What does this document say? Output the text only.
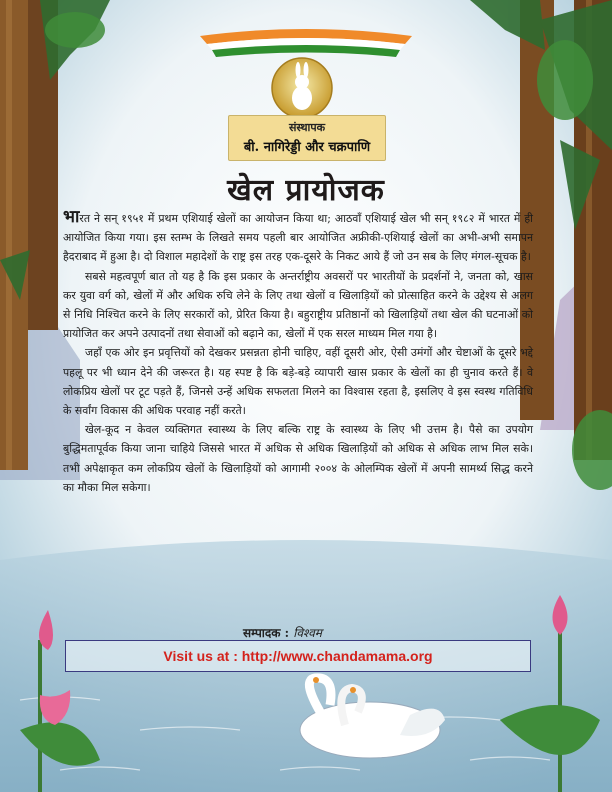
संस्थापक
बी. नागिरेड्डी और चक्रपाणि
खेल प्रायोजक

भारत ने सन् १९५१ में प्रथम एशियाई खेलों का आयोजन किया था; आठवाँ एशियाई खेल भी सन् १९८२ में भारत में ही आयोजित किया गया। इस स्तम्भ के लिखते समय पहली बार आयोजित अफ्रीकी-एशियाई खेलों का अभी-अभी समापन हैदराबाद में हुआ है। दो विशाल महादेशों के राष्ट्र इस तरह एक-दूसरे के निकट आये हैं जो उन सब के लिए मंगल-सूचक है।

सबसे महत्वपूर्ण बात तो यह है कि इस प्रकार के अन्तर्राष्ट्रीय अवसरों पर भारतीयों के प्रदर्शनों ने, जनता को, खास कर युवा वर्ग को, खेलों में और अधिक रुचि लेने के लिए तथा खेलों व खिलाड़ियों को प्रोत्साहित करने के उद्देश्य से अलग से निधि निश्चित करने के लिए सरकारों को, प्रेरित किया है। बहुराष्ट्रीय प्रतिष्ठानों को खिलाड़ियों तथा खेल की घटनाओं को प्रायोजित कर अपने उत्पादनों तथा सेवाओं को बढ़ाने का, खेलों में एक सरल माध्यम मिल गया है।

जहाँ एक ओर इन प्रवृत्तियों को देखकर प्रसन्नता होनी चाहिए, वहीं दूसरी ओर, ऐसी उमंगों और चेष्टाओं के दूसरे भद्दे पहलू पर भी ध्यान देने की जरूरत है। यह स्पष्ट है कि बड़े-बड़े व्यापारी खास प्रकार के खेलों का ही चुनाव करते हैं। वे लोकप्रिय खेलों पर टूट पड़ते हैं, जिनसे उन्हें अधिक सफलता मिलने का विश्वास रहता है, इसलिए वे इस स्वस्थ गतिविधि के सर्वांग विकास की अधिक परवाह नहीं करते।

खेल-कूद न केवल व्यक्तिगत स्वास्थ्य के लिए बल्कि राष्ट्र के स्वास्थ्य के लिए भी उत्तम है। पैसे का उपयोग बुद्धिमतापूर्वक किया जाना चाहिये जिससे भारत में अधिक से अधिक खिलाड़ियों को अधिक से अधिक लाभ मिल सके। तभी अपेक्षाकृत कम लोकप्रिय खेलों के खिलाड़ियों को आगामी २००४ के ओलम्पिक खेलों में अपनी सामर्थ्य सिद्ध करने का मौका मिल सकेगा।

सम्पादक : विश्वम
Visit us at : http://www.chandamama.org
